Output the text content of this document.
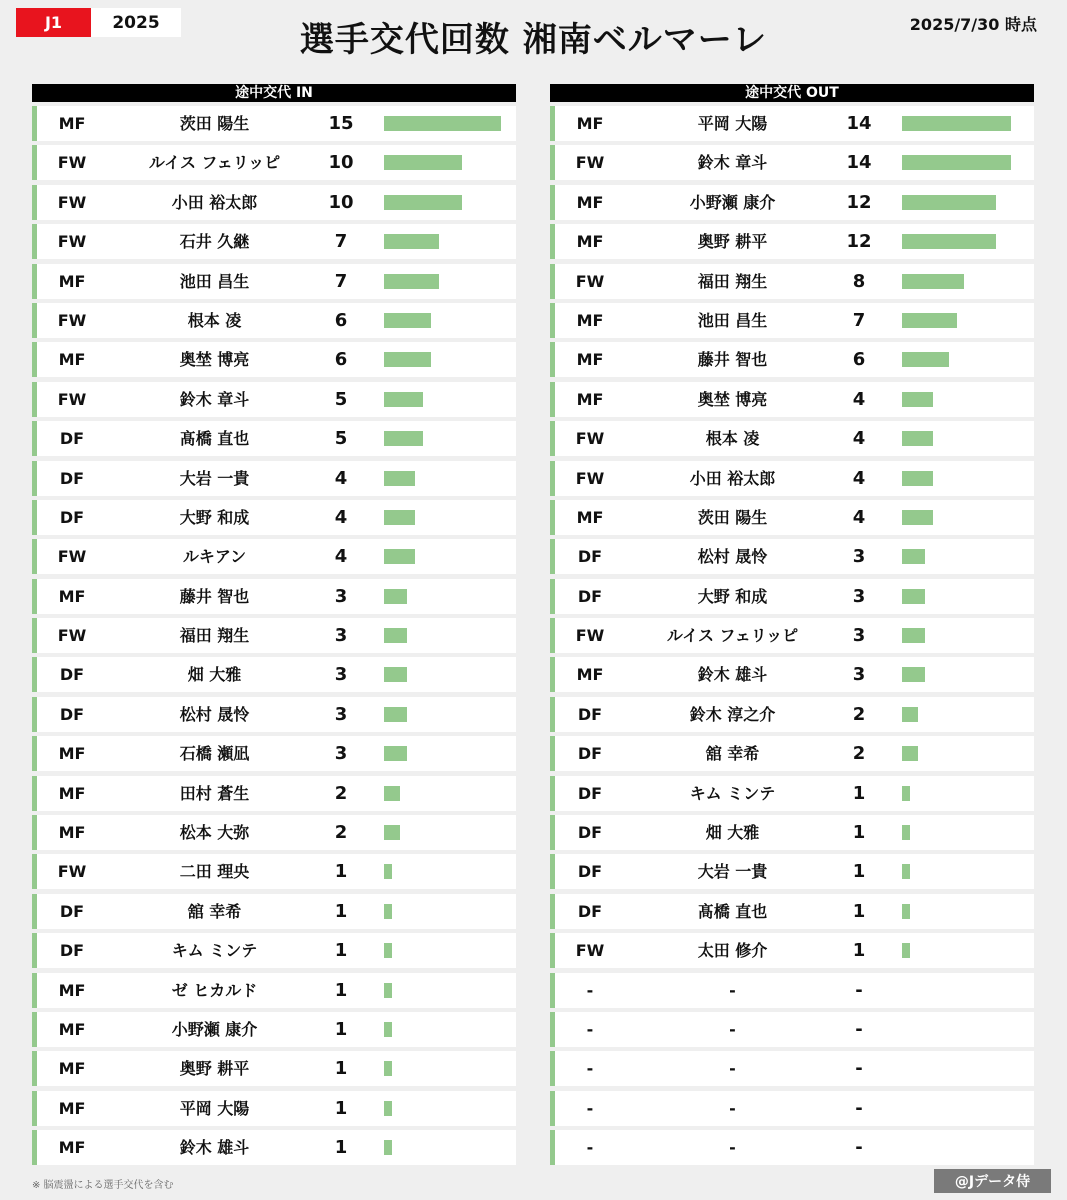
J1	2025	選手交代回数 湘南ベルマーレ	2025/7/30 時点
途中交代 IN
MF	茨田 陽生	15
FW	ルイス フェリッピ	10
FW	小田 裕太郎	10
FW	石井 久継	7
MF	池田 昌生	7
FW	根本 凌	6
MF	奥埜 博亮	6
FW	鈴木 章斗	5
DF	髙橋 直也	5
DF	大岩 一貴	4
DF	大野 和成	4
FW	ルキアン	4
MF	藤井 智也	3
FW	福田 翔生	3
DF	畑 大雅	3
DF	松村 晟怜	3
MF	石橋 瀬凪	3
MF	田村 蒼生	2
MF	松本 大弥	2
FW	二田 理央	1
DF	舘 幸希	1
DF	キム ミンテ	1
MF	ゼ ヒカルド	1
MF	小野瀬 康介	1
MF	奥野 耕平	1
MF	平岡 大陽	1
MF	鈴木 雄斗	1
途中交代 OUT
MF	平岡 大陽	14
FW	鈴木 章斗	14
MF	小野瀬 康介	12
MF	奥野 耕平	12
FW	福田 翔生	8
MF	池田 昌生	7
MF	藤井 智也	6
MF	奥埜 博亮	4
FW	根本 凌	4
FW	小田 裕太郎	4
MF	茨田 陽生	4
DF	松村 晟怜	3
DF	大野 和成	3
FW	ルイス フェリッピ	3
MF	鈴木 雄斗	3
DF	鈴木 淳之介	2
DF	舘 幸希	2
DF	キム ミンテ	1
DF	畑 大雅	1
DF	大岩 一貴	1
DF	髙橋 直也	1
FW	太田 修介	1
-	-	-
-	-	-
-	-	-
-	-	-
-	-	-
※ 脳震盪による選手交代を含む	@Jデータ侍
